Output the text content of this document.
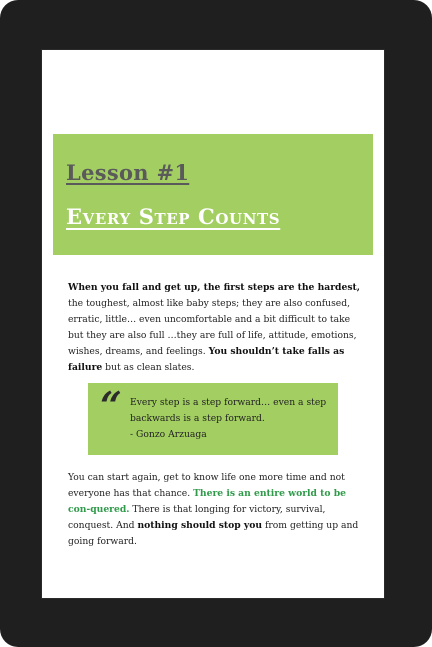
Lesson #1
Every Step Counts
When you fall and get up, the first steps are the hardest, the toughest, almost like baby steps; they are also confused, erratic, little… even uncomfortable and a bit difficult to take but they are also full …they are full of life, attitude, emotions, wishes, dreams, and feelings. You shouldn’t take falls as failure but as clean slates.
“ Every step is a step forward… even a step backwards is a step forward.
- Gonzo Arzuaga
You can start again, get to know life one more time and not everyone has that chance. There is an entire world to be con-quered. There is that longing for victory, survival, conquest. And nothing should stop you from getting up and going forward.
